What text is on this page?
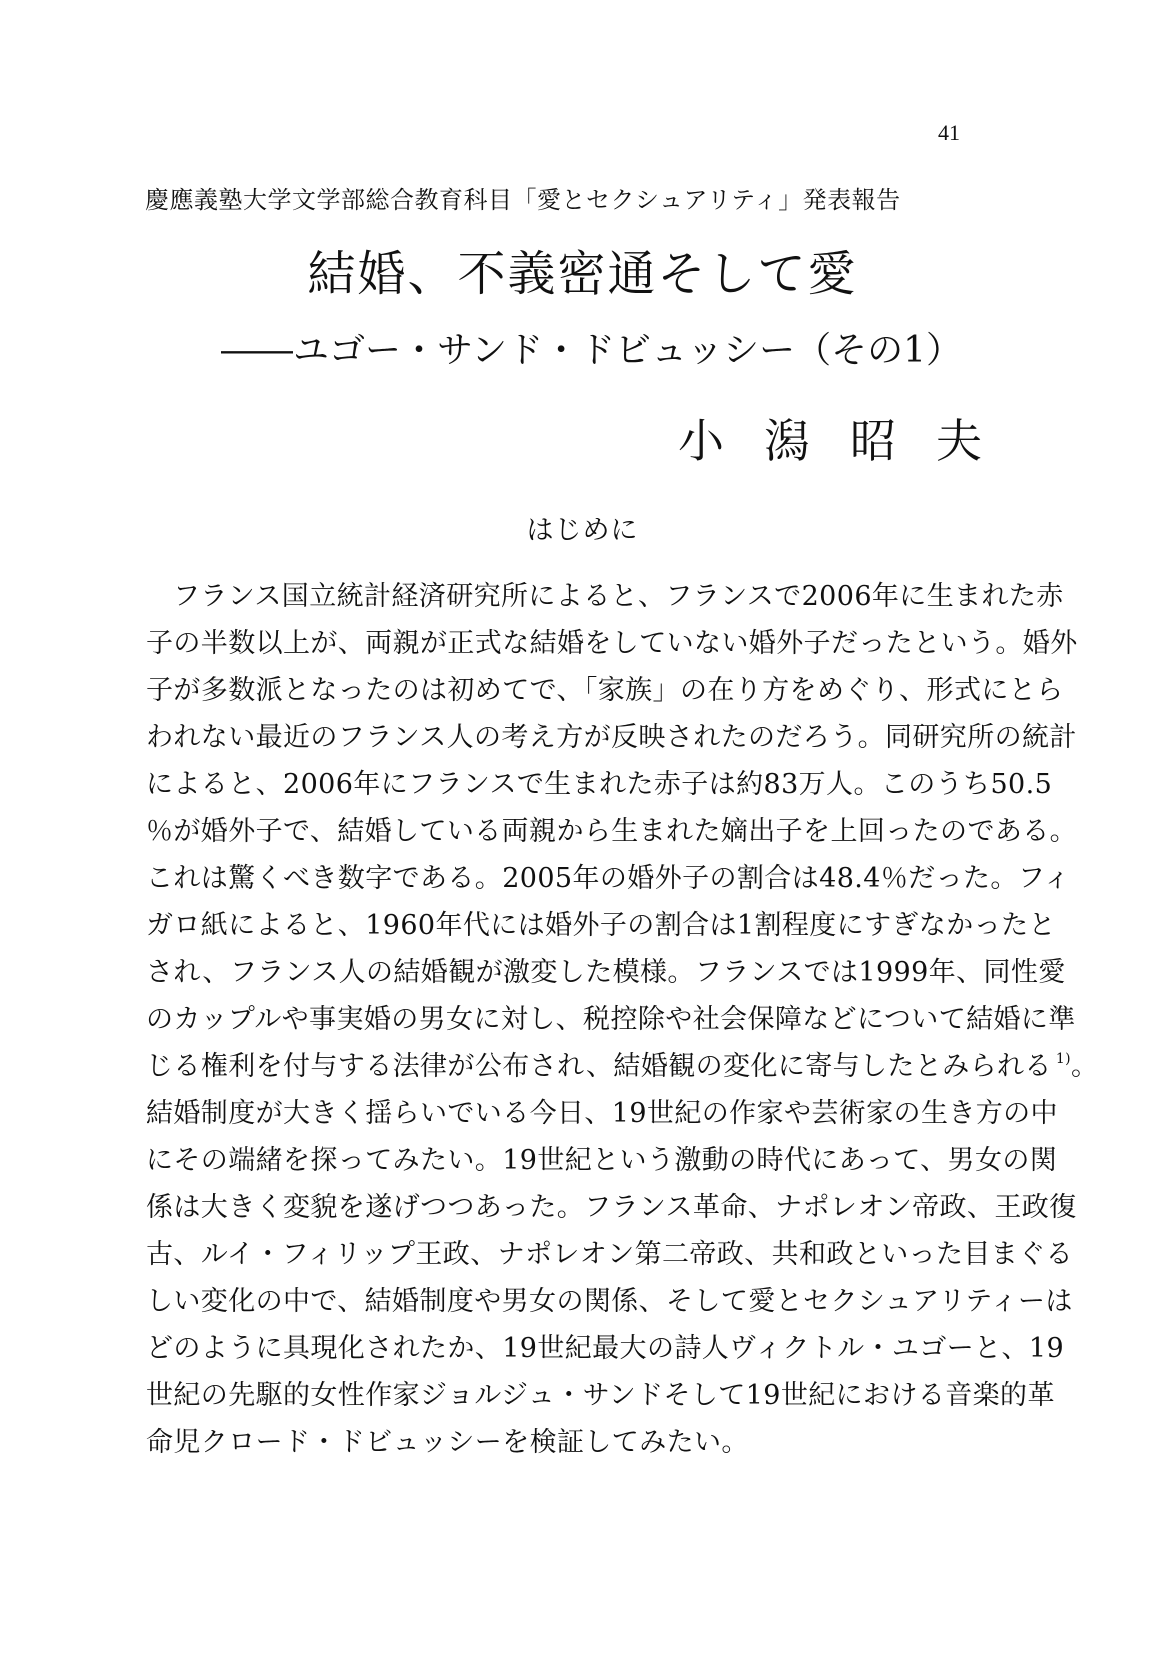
41
慶應義塾大学文学部総合教育科目「愛とセクシュアリティ」発表報告
結婚、不義密通そして愛
――ユゴー・サンド・ドビュッシー（その1）
小潟昭夫
はじめに
フランス国立統計経済研究所によると、フランスで2006年に生まれた赤
子の半数以上が、両親が正式な結婚をしていない婚外子だったという。婚外
子が多数派となったのは初めてで、「家族」の在り方をめぐり、形式にとら
われない最近のフランス人の考え方が反映されたのだろう。同研究所の統計
によると、2006年にフランスで生まれた赤子は約83万人。このうち50.5
％が婚外子で、結婚している両親から生まれた嫡出子を上回ったのである。
これは驚くべき数字である。2005年の婚外子の割合は48.4％だった。フィ
ガロ紙によると、1960年代には婚外子の割合は1割程度にすぎなかったと
され、フランス人の結婚観が激変した模様。フランスでは1999年、同性愛
のカップルや事実婚の男女に対し、税控除や社会保障などについて結婚に準
じる権利を付与する法律が公布され、結婚観の変化に寄与したとみられる $^{1)}$。
結婚制度が大きく揺らいでいる今日、19世紀の作家や芸術家の生き方の中
にその端緒を探ってみたい。19世紀という激動の時代にあって、男女の関
係は大きく変貌を遂げつつあった。フランス革命、ナポレオン帝政、王政復
古、ルイ・フィリップ王政、ナポレオン第二帝政、共和政といった目まぐる
しい変化の中で、結婚制度や男女の関係、そして愛とセクシュアリティーは
どのように具現化されたか、19世紀最大の詩人ヴィクトル・ユゴーと、19
世紀の先駆的女性作家ジョルジュ・サンドそして19世紀における音楽的革
命児クロード・ドビュッシーを検証してみたい。
